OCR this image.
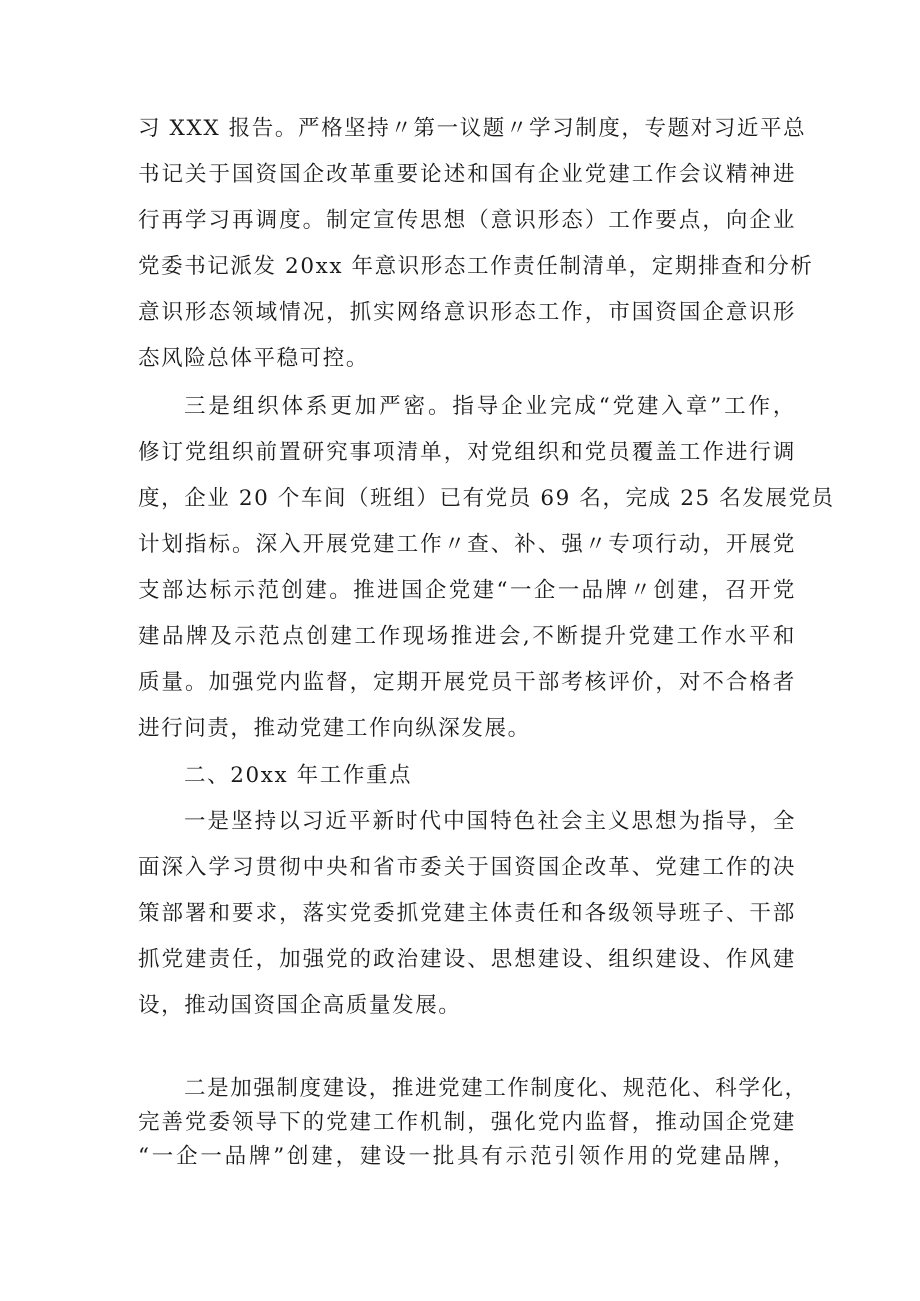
习 XXX 报告。严格坚持〃第一议题〃学习制度，专题对习近平总
书记关于国资国企改革重要论述和国有企业党建工作会议精神进
行再学习再调度。制定宣传思想（意识形态）工作要点，向企业
党委书记派发 20xx 年意识形态工作责任制清单，定期排查和分析
意识形态领域情况，抓实网络意识形态工作，市国资国企意识形
态风险总体平稳可控。

三是组织体系更加严密。指导企业完成“党建入章”工作，
修订党组织前置研究事项清单，对党组织和党员覆盖工作进行调
度，企业 20 个车间（班组）已有党员 69 名，完成 25 名发展党员
计划指标。深入开展党建工作〃查、补、强〃专项行动，开展党
支部达标示范创建。推进国企党建“一企一品牌〃创建，召开党
建品牌及示范点创建工作现场推进会,不断提升党建工作水平和
质量。加强党内监督，定期开展党员干部考核评价，对不合格者
进行问责，推动党建工作向纵深发展。

二、20xx 年工作重点

一是坚持以习近平新时代中国特色社会主义思想为指导，全
面深入学习贯彻中央和省市委关于国资国企改革、党建工作的决
策部署和要求，落实党委抓党建主体责任和各级领导班子、干部
抓党建责任，加强党的政治建设、思想建设、组织建设、作风建
设，推动国资国企高质量发展。

二是加强制度建设，推进党建工作制度化、规范化、科学化，
完善党委领导下的党建工作机制，强化党内监督，推动国企党建
“一企一品牌”创建，建设一批具有示范引领作用的党建品牌，
